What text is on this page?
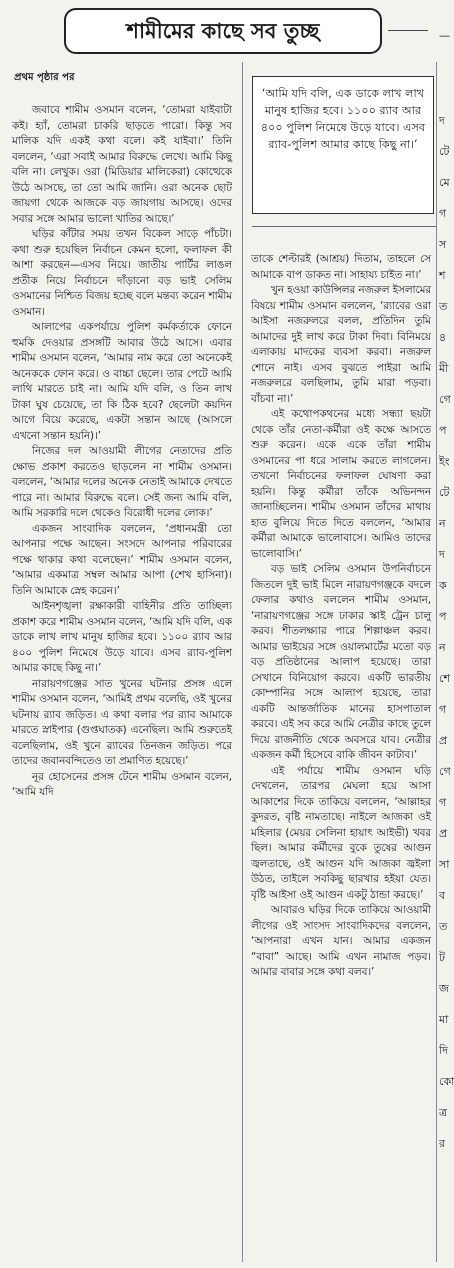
শামীমের কাছে সব তুচ্ছ
প্রথম পৃষ্ঠার পর
‘আমি যদি বলি, এক ডাকে লাখ লাখ মানুষ হাজির হবে। ১১০০ র‍্যাব আর ৪০০ পুলিশ নিমেষে উড়ে যাবে। এসব র‍্যাব-পুলিশ আমার কাছে কিছু না।’

জবাবে শামীম ওসমান বলেন, ‘তোমরা যাইবাটা কই। হ্যাঁ, তোমরা চাকরি ছাড়তে পারো। কিন্তু সব মালিক যদি একই কথা বলে। কই যাইবা।’ তিনি বললেন, ‘এরা সবাই আমার বিরুদ্ধে লেখে। আমি কিছু বলি না। লেখুক। ওরা (মিডিয়ার মালিকেরা) কোত্থেকে উঠে আসছে, তা তো আমি জানি। ওরা অনেক ছোট জায়গা থেকে আজকে বড় জায়গায় আসছে। ওদের সবার সঙ্গে আমার ভালো খাতির আছে।’

ঘড়ির কাঁটার সময় তখন বিকেল সাড়ে পাঁচটা। কথা শুরু হয়েছিল নির্বাচন কেমন হলো, ফলাফল কী আশা করছেন—এসব নিয়ে। জাতীয় পার্টির লাঙল প্রতীক নিয়ে নির্বাচনে দাঁড়ানো বড় ভাই সেলিম ওসমানের নিশ্চিত বিজয় হচ্ছে বলে মন্তব্য করেন শামীম ওসমান।

আলাপের একপর্যায়ে পুলিশ কর্মকর্তাকে ফোনে হুমকি দেওয়ার প্রসঙ্গটি আবার উঠে আসে। এবার শামীম ওসমান বলেন, ‘আমার নাম করে তো অনেকেই অনেককে ফোন করে। ও বাচ্চা ছেলে। তার পেটে আমি লাথি মারতে চাই না। আমি যদি বলি, ও তিন লাখ টাকা ঘুষ চেয়েছে, তা কি ঠিক হবে? ছেলেটা কয়দিন আগে বিয়ে করেছে, একটা সন্তান আছে (আসলে এখনো সন্তান হয়নি)।’

নিজের দল আওয়ামী লীগের নেতাদের প্রতি ক্ষোভ প্রকাশ করতেও ছাড়লেন না শামীম ওসমান। বললেন, ‘আমার দলের অনেক নেতাই আমাকে দেখতে পারে না। আমার বিরুদ্ধে বলে। সেই জন্য আমি বলি, আমি সরকারি দলে থেকেও বিরোধী দলের লোক।’

একজন সাংবাদিক বললেন, ‘প্রধানমন্ত্রী তো আপনার পক্ষে আছেন। সংসদে আপনার পরিবারের পক্ষে থাকার কথা বলেছেন।’ শামীম ওসমান বলেন, ‘আমার একমাত্র সম্বল আমার আপা (শেখ হাসিনা)। তিনি আমাকে স্নেহ করেন।’

আইনশৃঙ্খলা রক্ষাকারী বাহিনীর প্রতি তাচ্ছিল্য প্রকাশ করে শামীম ওসমান বলেন, ‘আমি যদি বলি, এক ডাকে লাখ লাখ মানুষ হাজির হবে। ১১০০ র‍্যাব আর ৪০০ পুলিশ নিমেষে উড়ে যাবে। এসব র‍্যাব-পুলিশ আমার কাছে কিছু না।’

নারায়ণগঞ্জের সাত খুনের ঘটনার প্রসঙ্গ এলে শামীম ওসমান বলেন, ‘আমিই প্রথম বলেছি, ওই খুনের ঘটনায় র‍্যাব জড়িত। এ কথা বলার পর র‍্যাব আমাকে মারতে স্নাইপার (গুপ্তঘাতক) এনেছিল। আমি শুরুতেই বলেছিলাম, ওই খুনে র‍্যাবের তিনজন জড়িত। পরে তাদের জবানবন্দিতেও তা প্রমাণিত হয়েছে।’

নূর হোসেনের প্রসঙ্গ টেনে শামীম ওসমান বলেন, ‘আমি যদি

তাকে শেল্টারই (আশ্রয়) দিতাম, তাহলে সে আমাকে বাপ ডাকত না। সাহায্য চাইত না।’

খুন হওয়া কাউন্সিলর নজরুল ইসলামের বিষয়ে শামীম ওসমান বললেন, ‘র‍্যাবের ওরা আইসা নজরুলরে বলল, প্রতিদিন তুমি আমাদের দুই লাখ করে টাকা দিবা। বিনিময়ে এলাকায় মাদকের ব্যবসা করবা। নজরুল শোনে নাই। এসব বুঝতে পাইরা আমি নজরুলরে বলছিলাম, তুমি মারা পড়বা। বাঁচবা না।’

এই কথোপকথনের মধ্যে সন্ধ্যা ছয়টা থেকে তাঁর নেতা-কর্মীরা ওই কক্ষে আসতে শুরু করেন। একে একে তাঁরা শামীম ওসমানের পা ধরে সালাম করতে লাগলেন। তখনো নির্বাচনের ফলাফল ঘোষণা করা হয়নি। কিন্তু কর্মীরা তাঁকে অভিনন্দন জানাচ্ছিলেন। শামীম ওসমান তাঁদের মাথায় হাত বুলিয়ে দিতে দিতে বললেন, ‘আমার কর্মীরা আমাকে ভালোবাসে। আমিও তাদের ভালোবাসি।’

বড় ভাই সেলিম ওসমান উপনির্বাচনে জিতলে দুই ভাই মিলে নারায়ণগঞ্জকে বদলে ফেলার কথাও বললেন শামীম ওসমান, ‘নারায়ণগঞ্জের সঙ্গে ঢাকার স্কাই ট্রেন চালু করব। শীতলক্ষ্যার পারে শিল্পাঞ্চল করব। আমার ভাইয়ের সঙ্গে ওয়ালমার্টের মতো বড় বড় প্রতিষ্ঠানের আলাপ হয়েছে। তারা সেখানে বিনিয়োগ করবে। একটি ভারতীয় কোম্পানির সঙ্গে আলাপ হয়েছে, তারা একটি আন্তর্জাতিক মানের হাসপাতাল করবে। এই সব করে আমি নেত্রীর কাছে তুলে দিয়ে রাজনীতি থেকে অবসরে যাব। নেত্রীর একজন কর্মী হিসেবে বাকি জীবন কাটাব।’

এই পর্যায়ে শামীম ওসমান ঘড়ি দেখলেন, তারপর মেঘলা হয়ে আসা আকাশের দিকে তাকিয়ে বললেন, ‘আল্লাহর কুদরত, বৃষ্টি নামতাছে। নাইলে আজকা ওই মহিলার (মেয়র সেলিনা হায়াৎ আইভী) খবর ছিল। আমার কর্মীদের বুকে তুষের আগুন জ্বলতাছে, ওই আগুন যদি আজকা জ্বইলা উঠত, তাইলে সবকিছু ছারখার হইয়া যেত। বৃষ্টি আইসা ওই আগুন একটু ঠান্ডা করছে।’

আবারও ঘড়ির দিকে তাকিয়ে আওয়ামী লীগের ওই সাংসদ সাংবাদিকদের বললেন, ‘আপনারা এখন যান। আমার একজন “বাবা” আছে। আমি এখন নামাজ পড়ব। আমার বাবার সঙ্গে কথা বলব।’

—
দ
টে
মে
গ
স
শ
ত
৪
মী
গে
প
ইং
টে
ন
দ
ক
প
ন
শে
গ
প্র
গে
গ
প্র
সা
ব
ত
ট
জ
মা
দি
কো
ত্র
র
